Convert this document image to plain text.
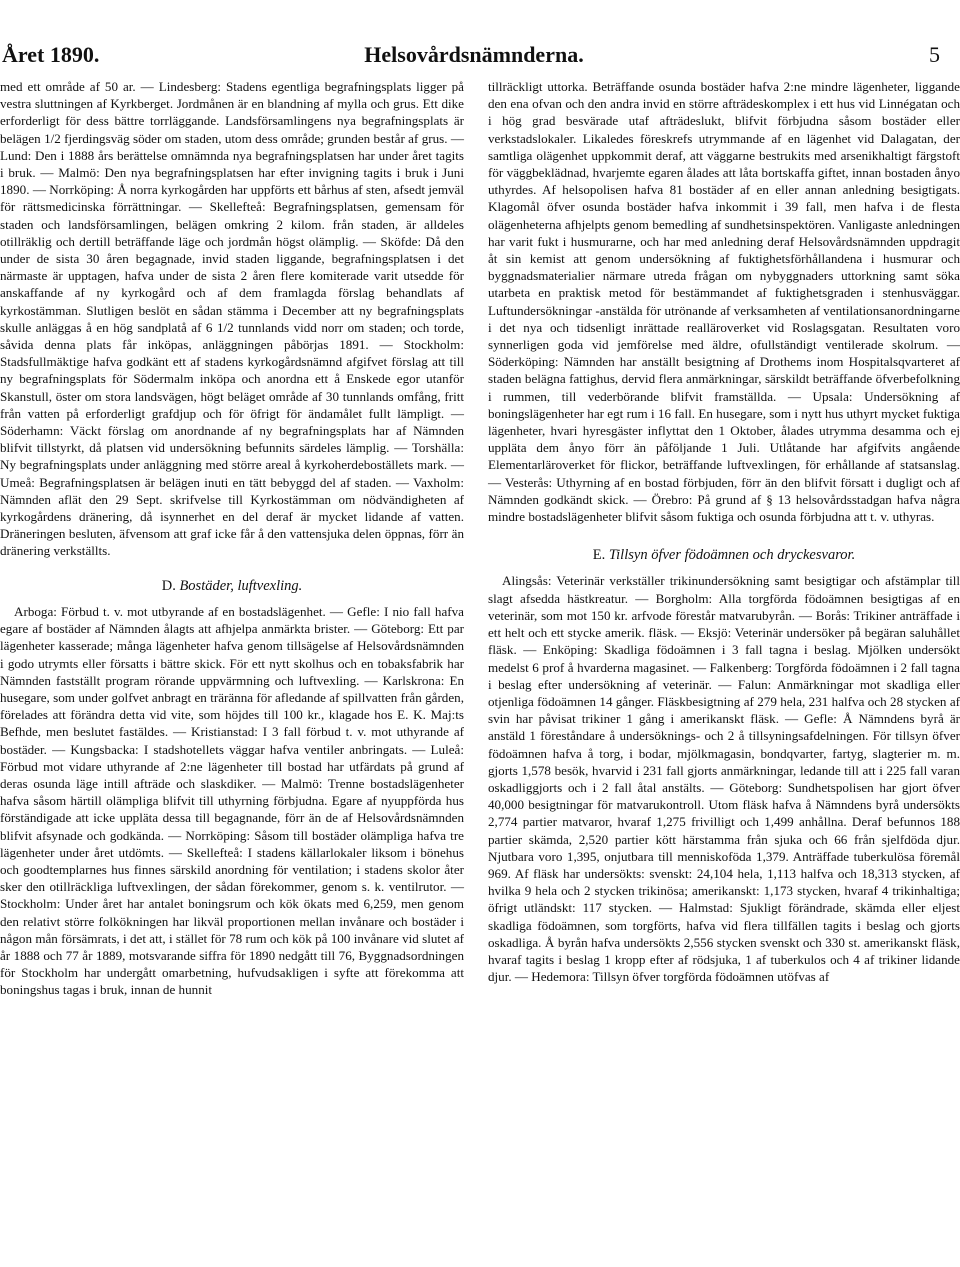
Året 1890.	Helsovårdsnämnderna.	5

med ett område af 50 ar. — Lindesberg: Stadens egentliga begrafningsplats ligger på vestra sluttningen af Kyrkberget. Jordmånen är en blandning af mylla och grus. Ett dike erforderligt för dess bättre torrläggande. Landsförsamlingens nya begrafningsplats är belägen 1/2 fjerdingsväg söder om staden, utom dess område; grunden består af grus. — Lund: Den i 1888 års berättelse omnämnda nya begrafningsplatsen har under året tagits i bruk. — Malmö: Den nya begrafningsplatsen har efter invigning tagits i bruk i Juni 1890. — Norrköping: Å norra kyrkogården har uppförts ett bårhus af sten, afsedt jemväl för rättsmedicinska förrättningar. — Skellefteå: Begrafningsplatsen, gemensam för staden och landsförsamlingen, belägen omkring 2 kilom. från staden, är alldeles otillräklig och dertill beträffande läge och jordmån högst olämplig. — Sköfde: Då den under de sista 30 åren begagnade, invid staden liggande, begrafningsplatsen i det närmaste är upptagen, hafva under de sista 2 åren flere komiterade varit utsedde för anskaffande af ny kyrkogård och af dem framlagda förslag behandlats af kyrkostämman. Slutligen beslöt en sådan stämma i December att ny begrafningsplats skulle anläggas å en hög sandplatå af 6 1/2 tunnlands vidd norr om staden; och torde, såvida denna plats får inköpas, anläggningen påbörjas 1891. — Stockholm: Stadsfullmäktige hafva godkänt ett af stadens kyrkogårdsnämnd afgifvet förslag att till ny begrafningsplats för Södermalm inköpa och anordna ett å Enskede egor utanför Skanstull, öster om stora landsvägen, högt beläget område af 30 tunnlands omfång, fritt från vatten på erforderligt grafdjup och för öfrigt för ändamålet fullt lämpligt. — Söderhamn: Väckt förslag om anordnande af ny begrafningsplats har af Nämnden blifvit tillstyrkt, då platsen vid undersökning befunnits särdeles lämplig. — Torshälla: Ny begrafningsplats under anläggning med större areal å kyrkoherdeboställets mark. — Umeå: Begrafningsplatsen är belägen inuti en tätt bebyggd del af staden. — Vaxholm: Nämnden aflät den 29 Sept. skrifvelse till Kyrkostämman om nödvändigheten af kyrkogårdens dränering, då isynnerhet en del deraf är mycket lidande af vatten. Dräneringen besluten, äfvensom att graf icke får å den vattensjuka delen öppnas, förr än dränering verkställts.

D. Bostäder, luftvexling.

Arboga: Förbud t. v. mot utbyrande af en bostadslägenhet. — Gefle: I nio fall hafva egare af bostäder af Nämnden ålagts att afhjelpa anmärkta brister. — Göteborg: Ett par lägenheter kasserade; många lägenheter hafva genom tillsägelse af Helsovårdsnämnden i godo utrymts eller försatts i bättre skick. För ett nytt skolhus och en tobaksfabrik har Nämnden fastställt program rörande uppvärmning och luftvexling. — Karlskrona: En husegare, som under golfvet anbragt en träränna för afledande af spillvatten från gården, förelades att förändra detta vid vite, som höjdes till 100 kr., klagade hos E. K. Maj:ts Befhde, men beslutet fastäldes. — Kristianstad: I 3 fall förbud t. v. mot uthyrande af bostäder. — Kungsbacka: I stadshotellets väggar hafva ventiler anbringats. — Luleå: Förbud mot vidare uthyrande af 2:ne lägenheter till bostad har utfärdats på grund af deras osunda läge intill afträde och slaskdiker. — Malmö: Trenne bostadslägenheter hafva såsom härtill olämpliga blifvit till uthyrning förbjudna. Egare af nyuppförda hus förständigade att icke uppläta dessa till begagnande, förr än de af Helsovårdsnämnden blifvit afsynade och godkända. — Norrköping: Såsom till bostäder olämpliga hafva tre lägenheter under året utdömts. — Skellefteå: I stadens källarlokaler liksom i bönehus och goodtemplarnes hus finnes särskild anordning för ventilation; i stadens skolor åter sker den otillräckliga luftvexlingen, der sådan förekommer, genom s. k. ventilrutor. — Stockholm: Under året har antalet boningsrum och kök ökats med 6,259, men genom den relativt större folkökningen har likväl proportionen mellan invånare och bostäder i någon mån försämrats, i det att, i stället för 78 rum och kök på 100 invånare vid slutet af år 1888 och 77 år 1889, motsvarande siffra för 1890 nedgått till 76, Byggnadsordningen för Stockholm har undergått omarbetning, hufvudsakligen i syfte att förekomma att boningshus tagas i bruk, innan de hunnit

tillräckligt uttorka. Beträffande osunda bostäder hafva 2:ne mindre lägenheter, liggande den ena ofvan och den andra invid en större afträdeskomplex i ett hus vid Linnégatan och i hög grad besvärade utaf afträdeslukt, blifvit förbjudna såsom bostäder eller verkstadslokaler. Likaledes föreskrefs utrymmande af en lägenhet vid Dalagatan, der samtliga olägenhet uppkommit deraf, att väggarne bestrukits med arsenikhaltigt färgstoft för väggbeklädnad, hvarjemte egaren ålades att låta bortskaffa giftet, innan bostaden ånyo uthyrdes. Af helsopolisen hafva 81 bostäder af en eller annan anledning besigtigats. Klagomål öfver osunda bostäder hafva inkommit i 39 fall, men hafva i de flesta olägenheterna afhjelpts genom bemedling af sundhetsinspektören. Vanligaste anledningen har varit fukt i husmurarne, och har med anledning deraf Helsovårdsnämnden uppdragit åt sin kemist att genom undersökning af fuktighetsförhållandena i husmurar och byggnadsmaterialier närmare utreda frågan om nybyggnaders uttorkning samt söka utarbeta en praktisk metod för bestämmandet af fuktighetsgraden i stenhusväggar. Luftundersökningar -anstälda för utrönande af verksamheten af ventilationsanordningarne i det nya och tidsenligt inrättade realläroverket vid Roslagsgatan. Resultaten voro synnerligen goda vid jemförelse med äldre, ofullständigt ventilerade skolrum. — Söderköping: Nämnden har anställt besigtning af Drothems inom Hospitalsqvarteret af staden belägna fattighus, dervid flera anmärkningar, särskildt beträffande öfverbefolkning i rummen, till vederbörande blifvit framställda. — Upsala: Undersökning af boningslägenheter har egt rum i 16 fall. En husegare, som i nytt hus uthyrt mycket fuktiga lägenheter, hvari hyresgäster inflyttat den 1 Oktober, ålades utrymma desamma och ej uppläta dem ånyo förr än påföljande 1 Juli. Utlåtande har afgifvits angående Elementarläroverket för flickor, beträffande luftvexlingen, för erhållande af statsanslag. — Vesterås: Uthyrning af en bostad förbjuden, förr än den blifvit försatt i dugligt och af Nämnden godkändt skick. — Örebro: På grund af § 13 helsovårdsstadgan hafva några mindre bostadslägenheter blifvit såsom fuktiga och osunda förbjudna att t. v. uthyras.

E. Tillsyn öfver födoämnen och dryckesvaror.

Alingsås: Veterinär verkställer trikinundersökning samt besigtigar och afstämplar till slagt afsedda hästkreatur. — Borgholm: Alla torgförda födoämnen besigtigas af en veterinär, som mot 150 kr. arfvode förestår matvarubyrån. — Borås: Trikiner anträffade i ett helt och ett stycke amerik. fläsk. — Eksjö: Veterinär undersöker på begäran saluhållet fläsk. — Enköping: Skadliga födoämnen i 3 fall tagna i beslag. Mjölken undersökt medelst 6 prof å hvarderna magasinet. — Falkenberg: Torgförda födoämnen i 2 fall tagna i beslag efter undersökning af veterinär. — Falun: Anmärkningar mot skadliga eller otjenliga födoämnen 14 gånger. Fläskbesigtning af 279 hela, 231 halfva och 28 stycken af svin har påvisat trikiner 1 gång i amerikanskt fläsk. — Gefle: Å Nämndens byrå är anstäld 1 föreståndare å undersöknings- och 2 å tillsyningsafdelningen. För tillsyn öfver födoämnen hafva å torg, i bodar, mjölkmagasin, bondqvarter, fartyg, slagterier m. m. gjorts 1,578 besök, hvarvid i 231 fall gjorts anmärkningar, ledande till att i 225 fall varan oskadliggjorts och i 2 fall åtal anstälts. — Göteborg: Sundhetspolisen har gjort öfver 40,000 besigtningar för matvarukontroll. Utom fläsk hafva å Nämndens byrå undersökts 2,774 partier matvaror, hvaraf 1,275 frivilligt och 1,499 anhållna. Deraf befunnos 188 partier skämda, 2,520 partier kött härstamma från sjuka och 66 från sjelfdöda djur. Njutbara voro 1,395, onjutbara till menniskoföda 1,379. Anträffade tuberkulösa föremål 969. Af fläsk har undersökts: svenskt: 24,104 hela, 1,113 halfva och 18,313 stycken, af hvilka 9 hela och 2 stycken trikinösa; amerikanskt: 1,173 stycken, hvaraf 4 trikinhaltiga; öfrigt utländskt: 117 stycken. — Halmstad: Sjukligt förändrade, skämda eller eljest skadliga födoämnen, som torgförts, hafva vid flera tillfällen tagits i beslag och gjorts oskadliga. Å byrån hafva undersökts 2,556 stycken svenskt och 330 st. amerikanskt fläsk, hvaraf tagits i beslag 1 kropp efter af rödsjuka, 1 af tuberkulos och 4 af trikiner lidande djur. — Hedemora: Tillsyn öfver torgförda födoämnen utöfvas af
